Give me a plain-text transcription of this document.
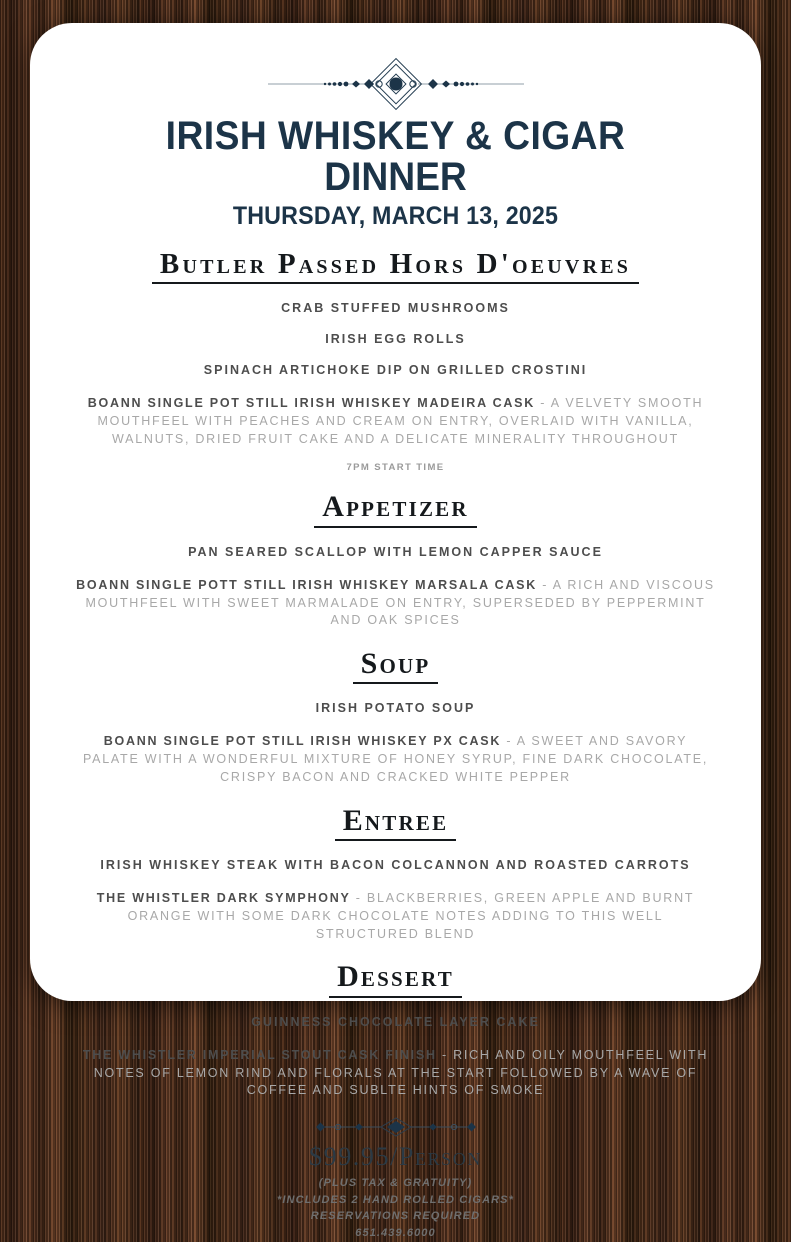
IRISH WHISKEY & CIGAR
DINNER
THURSDAY, MARCH 13, 2025
Butler Passed Hors D'oeuvres
CRAB STUFFED MUSHROOMS
IRISH EGG ROLLS
SPINACH ARTICHOKE DIP ON GRILLED CROSTINI
BOANN SINGLE POT STILL IRISH WHISKEY MADEIRA CASK - A VELVETY SMOOTH MOUTHFEEL WITH PEACHES AND CREAM ON ENTRY, OVERLAID WITH VANILLA, WALNUTS, DRIED FRUIT CAKE AND A DELICATE MINERALITY THROUGHOUT
7PM START TIME
Appetizer
PAN SEARED SCALLOP WITH LEMON CAPPER SAUCE
BOANN SINGLE POTT STILL IRISH WHISKEY MARSALA CASK - A RICH AND VISCOUS MOUTHFEEL WITH SWEET MARMALADE ON ENTRY, SUPERSEDED BY PEPPERMINT AND OAK SPICES
Soup
IRISH POTATO SOUP
BOANN SINGLE POT STILL IRISH WHISKEY PX CASK - A SWEET AND SAVORY PALATE WITH A WONDERFUL MIXTURE OF HONEY SYRUP, FINE DARK CHOCOLATE, CRISPY BACON AND CRACKED WHITE PEPPER
Entree
IRISH WHISKEY STEAK WITH BACON COLCANNON AND ROASTED CARROTS
THE WHISTLER DARK SYMPHONY - BLACKBERRIES, GREEN APPLE AND BURNT ORANGE WITH SOME DARK CHOCOLATE NOTES ADDING TO THIS WELL STRUCTURED BLEND
Dessert
GUINNESS CHOCOLATE LAYER CAKE
THE WHISTLER IMPERIAL STOUT CASK FINISH - RICH AND OILY MOUTHFEEL WITH NOTES OF LEMON RIND AND FLORALS AT THE START FOLLOWED BY A WAVE OF COFFEE AND SUBLTE HINTS OF SMOKE
$99.95/Person
(PLUS TAX & GRATUITY)
*INCLUDES 2 HAND ROLLED CIGARS*
RESERVATIONS REQUIRED
651.439.6000
